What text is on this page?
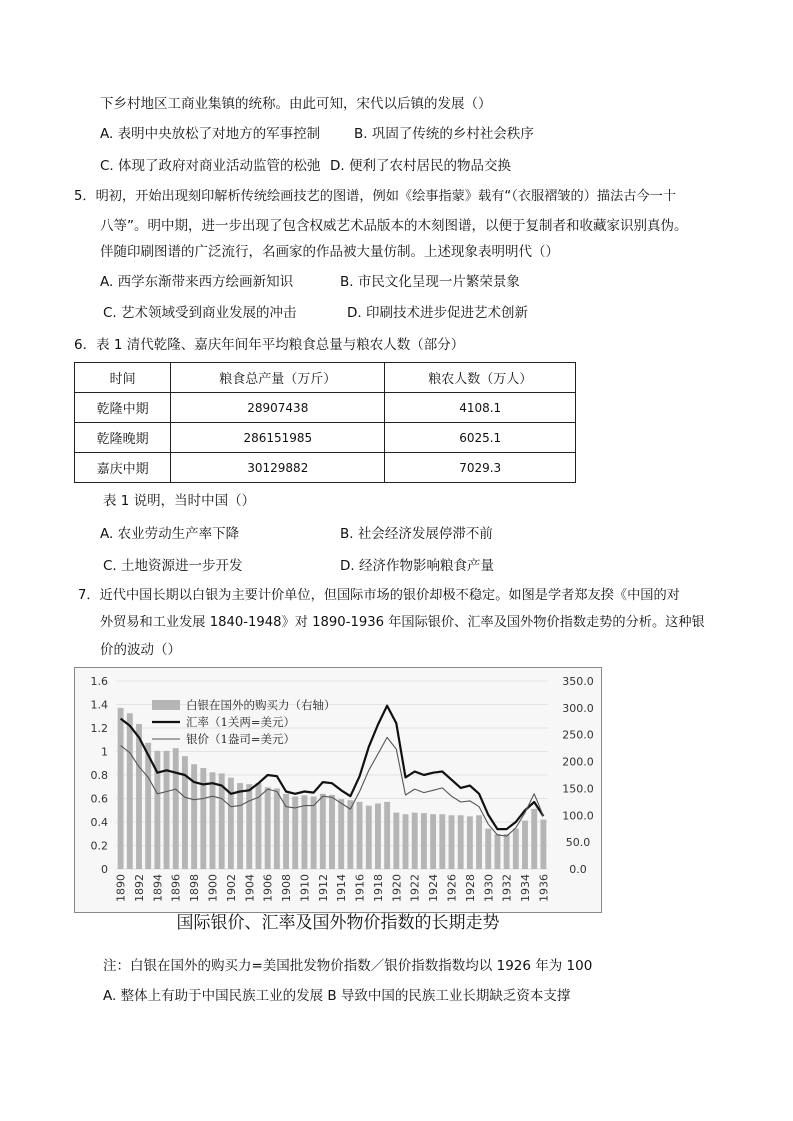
下乡村地区工商业集镇的统称。由此可知，宋代以后镇的发展（）
A. 表明中央放松了对地方的军事控制	B. 巩固了传统的乡村社会秩序
C. 体现了政府对商业活动监管的松弛 D. 便利了农村居民的物品交换
5．明初，开始出现刻印解析传统绘画技艺的图谱，例如《绘事指蒙》载有“（衣服褶皱的）描法古今一十
八等”。明中期，进一步出现了包含权威艺术品版本的木刻图谱，以便于复制者和收藏家识别真伪。
伴随印刷图谱的广泛流行，名画家的作品被大量仿制。上述现象表明明代（）
A. 西学东渐带来西方绘画新知识	B. 市民文化呈现一片繁荣景象
C. 艺术领域受到商业发展的冲击	D. 印刷技术进步促进艺术创新
6．表 1 清代乾隆、嘉庆年间年平均粮食总量与粮农人数（部分）
时间	粮食总产量（万斤）	粮农人数（万人）
乾隆中期	28907438	4108.1
乾隆晚期	286151985	6025.1
嘉庆中期	30129882	7029.3
表 1 说明，当时中国（）
A. 农业劳动生产率下降	B. 社会经济发展停滞不前
C. 土地资源进一步开发	D. 经济作物影响粮食产量
7．近代中国长期以白银为主要计价单位，但国际市场的银价却极不稳定。如图是学者郑友揆《中国的对
外贸易和工业发展 1840-1948》对 1890-1936 年国际银价、汇率及国外物价指数走势的分析。这种银
价的波动（）
0
0.2
0.4
0.6
0.8
1
1.2
1.4
1.6
0.0
50.0
100.0
150.0
200.0
250.0
300.0
350.0
1890 1892 1894 1896 1898 1900 1902 1904 1906 1908 1910 1912 1914 1916 1918 1920 1922 1924 1926 1928 1930 1932 1934 1936
白银在国外的购买力（右轴）
汇率（1关两=美元）
银价（1盎司=美元）
国际银价、汇率及国外物价指数的长期走势
注：白银在国外的购买力=美国批发物价指数／银价指数指数均以 1926 年为 100
A. 整体上有助于中国民族工业的发展 B 导致中国的民族工业长期缺乏资本支撑
